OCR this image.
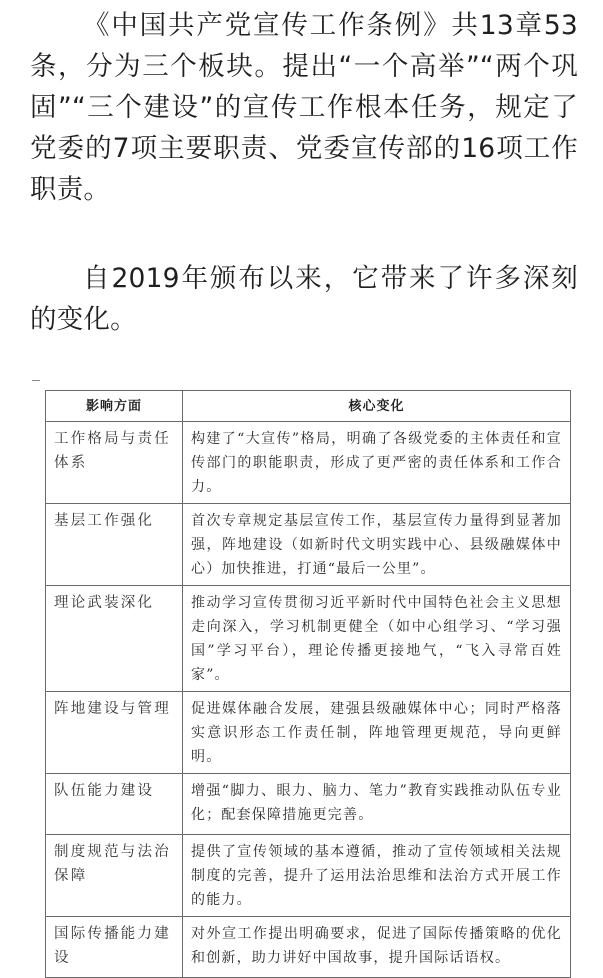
《中国共产党宣传工作条例》共13章53条，分为三个板块。提出“一个高举”“两个巩固”“三个建设”的宣传工作根本任务，规定了党委的7项主要职责、党委宣传部的16项工作职责。

自2019年颁布以来，它带来了许多深刻的变化。

影响方面	核心变化
工作格局与责任体系	构建了“大宣传”格局，明确了各级党委的主体责任和宣传部门的职能职责，形成了更严密的责任体系和工作合力。
基层工作强化	首次专章规定基层宣传工作，基层宣传力量得到显著加强，阵地建设（如新时代文明实践中心、县级融媒体中心）加快推进，打通“最后一公里”。
理论武装深化	推动学习宣传贯彻习近平新时代中国特色社会主义思想走向深入，学习机制更健全（如中心组学习、“学习强国”学习平台），理论传播更接地气，“飞入寻常百姓家”。
阵地建设与管理	促进媒体融合发展，建强县级融媒体中心；同时严格落实意识形态工作责任制，阵地管理更规范，导向更鲜明。
队伍能力建设	增强“脚力、眼力、脑力、笔力”教育实践推动队伍专业化；配套保障措施更完善。
制度规范与法治保障	提供了宣传领域的基本遵循，推动了宣传领域相关法规制度的完善，提升了运用法治思维和法治方式开展工作的能力。
国际传播能力建设	对外宣工作提出明确要求，促进了国际传播策略的优化和创新，助力讲好中国故事，提升国际话语权。
